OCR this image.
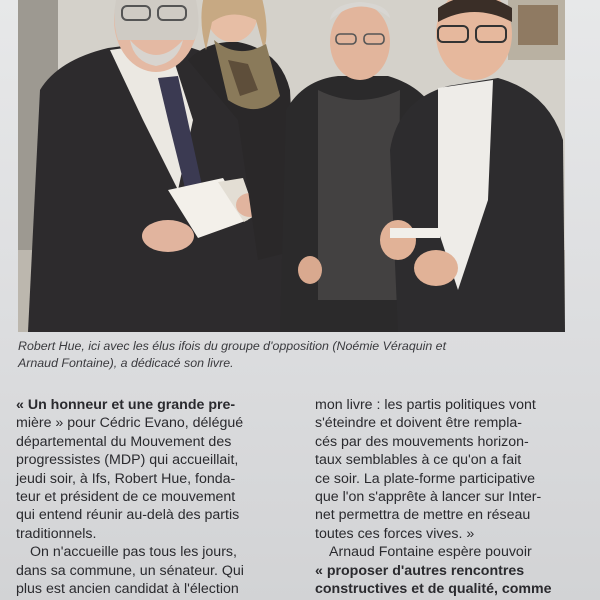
Robert Hue, ici avec les élus ifois du groupe d'opposition (Noémie Véraquin et
Arnaud Fontaine), a dédicacé son livre.
« Un honneur et une grande pre-
mière » pour Cédric Evano, délégué
départemental du Mouvement des
progressistes (MDP) qui accueillait,
jeudi soir, à Ifs, Robert Hue, fonda-
teur et président de ce mouvement
qui entend réunir au-delà des partis
traditionnels.
On n'accueille pas tous les jours,
dans sa commune, un sénateur. Qui
plus est ancien candidat à l'élection
mon livre : les partis politiques vont
s'éteindre et doivent être rempla-
cés par des mouvements horizon-
taux semblables à ce qu'on a fait
ce soir. La plate-forme participative
que l'on s'apprête à lancer sur Inter-
net permettra de mettre en réseau
toutes ces forces vives. »
Arnaud Fontaine espère pouvoir
« proposer d'autres rencontres
constructives et de qualité, comme
